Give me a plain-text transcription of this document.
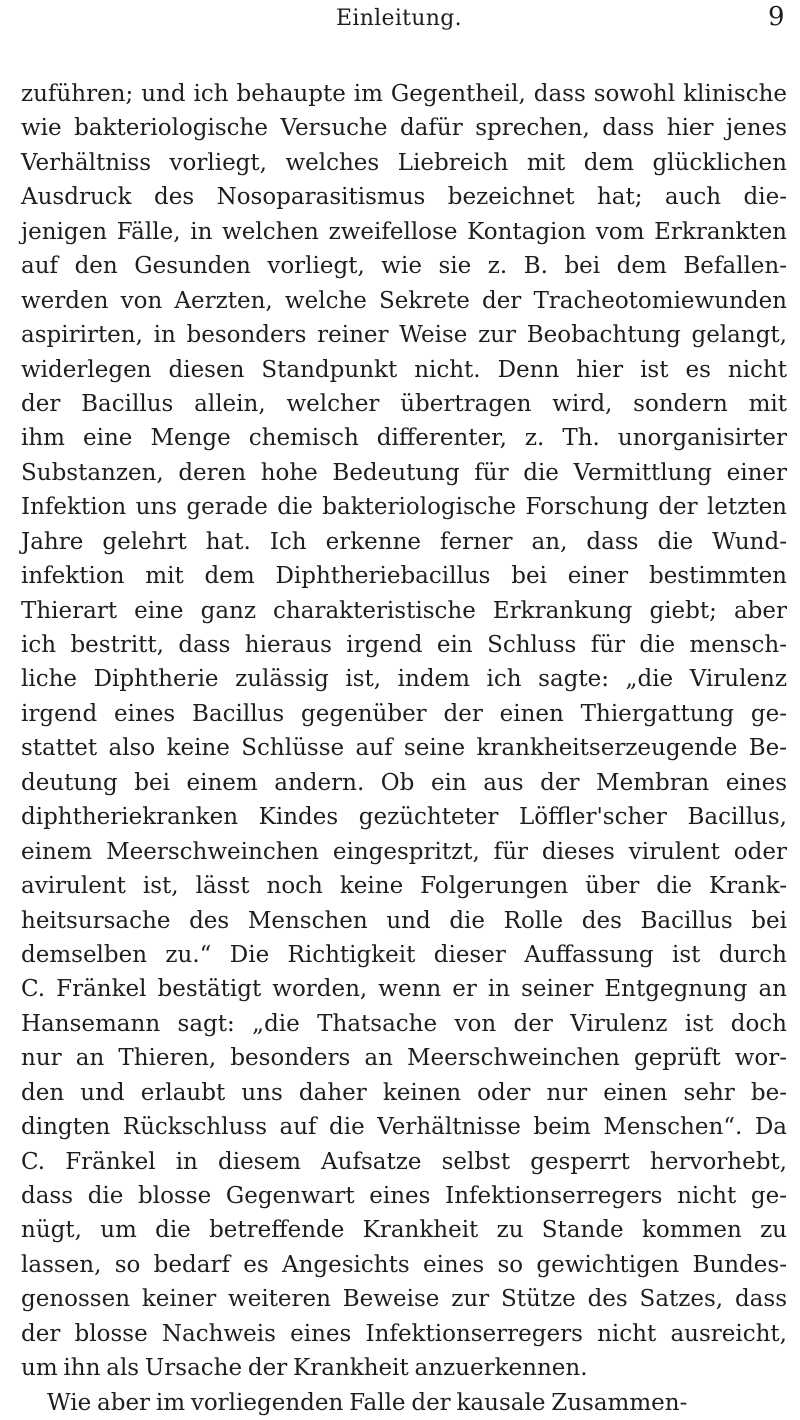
Einleitung.	9
zuführen; und ich behaupte im Gegentheil, dass sowohl klinische
wie bakteriologische Versuche dafür sprechen, dass hier jenes
Verhältniss vorliegt, welches Liebreich mit dem glücklichen
Ausdruck des Nosoparasitismus bezeichnet hat; auch die-
jenigen Fälle, in welchen zweifellose Kontagion vom Erkrankten
auf den Gesunden vorliegt, wie sie z. B. bei dem Befallen-
werden von Aerzten, welche Sekrete der Tracheotomiewunden
aspirirten, in besonders reiner Weise zur Beobachtung gelangt,
widerlegen diesen Standpunkt nicht. Denn hier ist es nicht
der Bacillus allein, welcher übertragen wird, sondern mit
ihm eine Menge chemisch differenter, z. Th. unorganisirter
Substanzen, deren hohe Bedeutung für die Vermittlung einer
Infektion uns gerade die bakteriologische Forschung der letzten
Jahre gelehrt hat. Ich erkenne ferner an, dass die Wund-
infektion mit dem Diphtheriebacillus bei einer bestimmten
Thierart eine ganz charakteristische Erkrankung giebt; aber
ich bestritt, dass hieraus irgend ein Schluss für die mensch-
liche Diphtherie zulässig ist, indem ich sagte: „die Virulenz
irgend eines Bacillus gegenüber der einen Thiergattung ge-
stattet also keine Schlüsse auf seine krankheitserzeugende Be-
deutung bei einem andern. Ob ein aus der Membran eines
diphtheriekranken Kindes gezüchteter Löffler'scher Bacillus,
einem Meerschweinchen eingespritzt, für dieses virulent oder
avirulent ist, lässt noch keine Folgerungen über die Krank-
heitsursache des Menschen und die Rolle des Bacillus bei
demselben zu.“ Die Richtigkeit dieser Auffassung ist durch
C. Fränkel bestätigt worden, wenn er in seiner Entgegnung an
Hansemann sagt: „die Thatsache von der Virulenz ist doch
nur an Thieren, besonders an Meerschweinchen geprüft wor-
den und erlaubt uns daher keinen oder nur einen sehr be-
dingten Rückschluss auf die Verhältnisse beim Menschen“. Da
C. Fränkel in diesem Aufsatze selbst gesperrt hervorhebt,
dass die blosse Gegenwart eines Infektionserregers nicht ge-
nügt, um die betreffende Krankheit zu Stande kommen zu
lassen, so bedarf es Angesichts eines so gewichtigen Bundes-
genossen keiner weiteren Beweise zur Stütze des Satzes, dass
der blosse Nachweis eines Infektionserregers nicht ausreicht,
um ihn als Ursache der Krankheit anzuerkennen.
Wie aber im vorliegenden Falle der kausale Zusammen-
